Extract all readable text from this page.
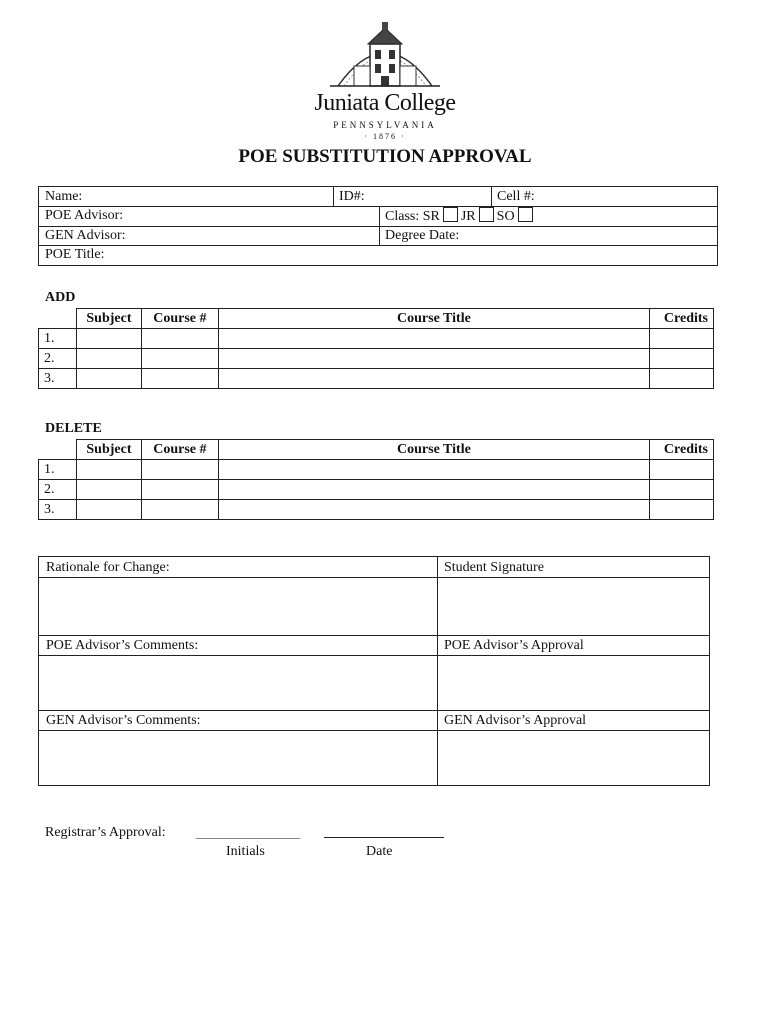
Juniata College
PENNSYLVANIA
· 1876 ·
POE SUBSTITUTION APPROVAL
Name:	ID#:	Cell #:
POE Advisor:	Class: SR JR SO
GEN Advisor:	Degree Date:
POE Title:
ADD
	Subject	Course #	Course Title	Credits
1.				
2.				
3.				
DELETE
	Subject	Course #	Course Title	Credits
1.				
2.				
3.				
Rationale for Change:	Student Signature
POE Advisor’s Comments:	POE Advisor’s Approval
GEN Advisor’s Comments:	GEN Advisor’s Approval
Registrar’s Approval:
Initials	Date
